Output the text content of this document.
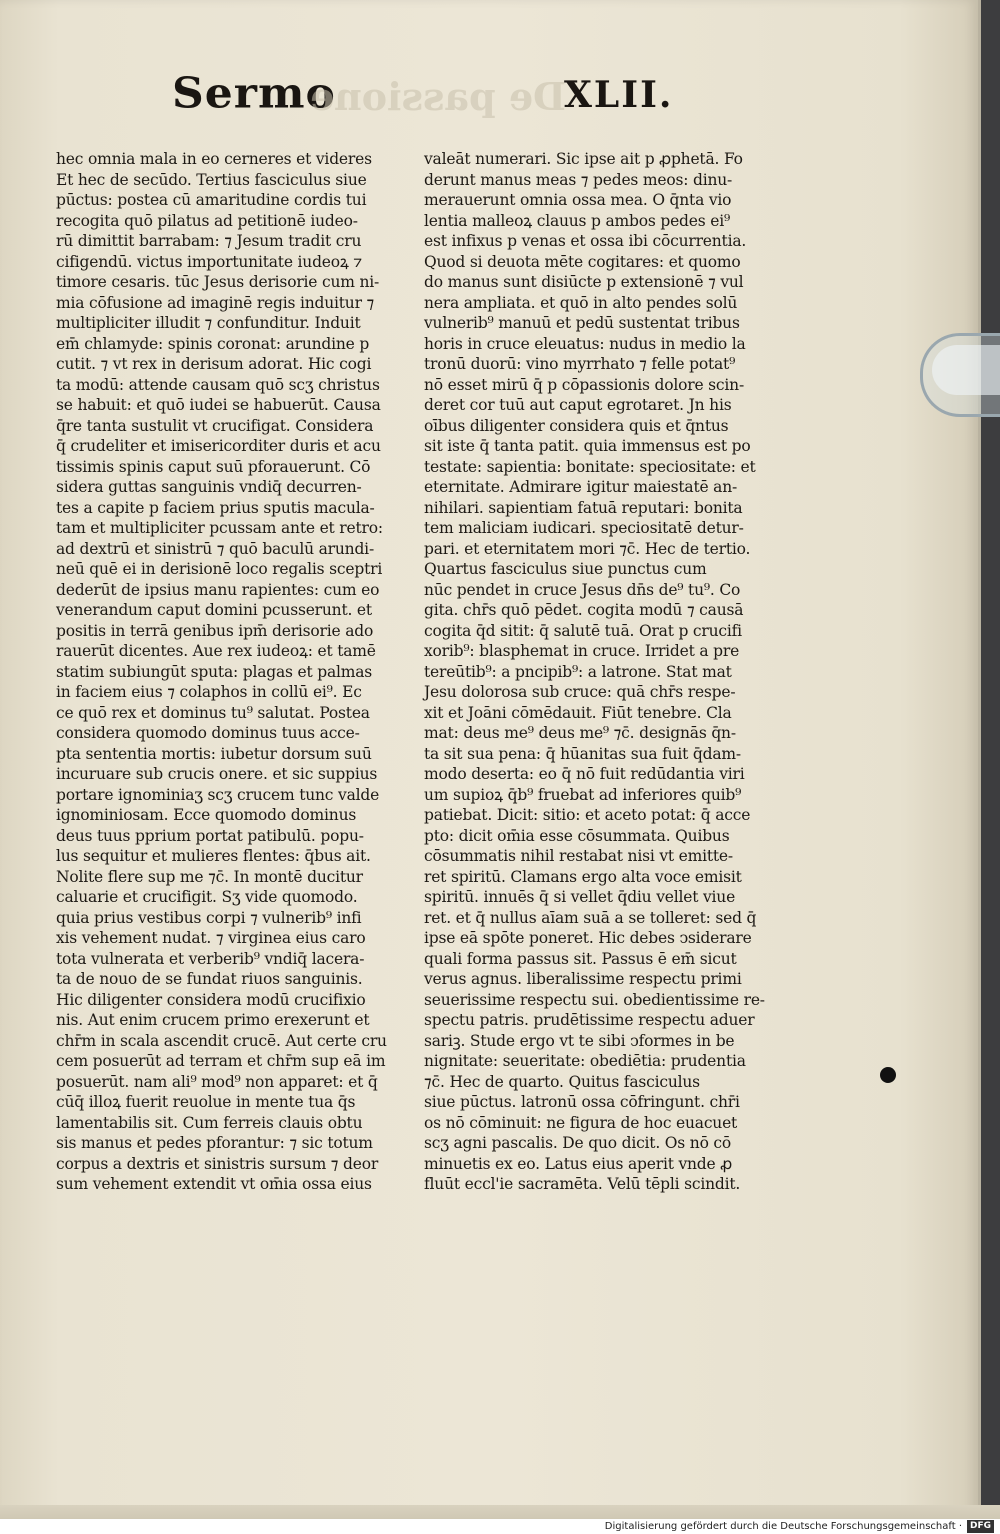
Sermo
De passione
XLII.
hec omnia mala in eo cerneres et videres
Et hec de secūdo. Tertius fasciculus siue
pūctus: postea cū amaritudine cordis tui
recogita quō pilatus ad petitionē iudeo-
rū dimittit barrabam: ⁊ Jesum tradit cru
cifigendū. victus importunitate iudeoꝝ ⁊
timore cesaris. tūc Jesus derisorie cum ni-
mia cōfusione ad imaginē regis induitur ⁊
multipliciter illudit ⁊ confunditur. Induit
em̄ chlamyde: spinis coronat: arundine p
cutit. ⁊ vt rex in derisum adorat. Hic cogi
ta modū: attende causam quō scʒ christus
se habuit: et quō iudei se habuerūt. Causa
q̄re tanta sustulit vt crucifigat. Considera
q̄ crudeliter et imisericorditer duris et acu
tissimis spinis caput suū pforauerunt. Cō
sidera guttas sanguinis vndiq̄ decurren-
tes a capite p faciem prius sputis macula-
tam et multipliciter pcussam ante et retro:
ad dextrū et sinistrū ⁊ quō baculū arundi-
neū quē ei in derisionē loco regalis sceptri
dederūt de ipsius manu rapientes: cum eo
venerandum caput domini pcusserunt. et
positis in terrā genibus ipm̄ derisorie ado
rauerūt dicentes. Aue rex iudeoꝝ: et tamē
statim subiungūt sputa: plagas et palmas
in faciem eius ⁊ colaphos in collū ei⁹. Ec
ce quō rex et dominus tu⁹ salutat. Postea
considera quomodo dominus tuus acce-
pta sententia mortis: iubetur dorsum suū
incuruare sub crucis onere. et sic suppius
portare ignominiaʒ scʒ crucem tunc valde
ignominiosam. Ecce quomodo dominus
deus tuus pprium portat patibulū. popu-
lus sequitur et mulieres flentes: q̄bus ait.
Nolite flere sup me ⁊c̄. In montē ducitur
caluarie et crucifigit. Sʒ vide quomodo.
quia prius vestibus corpi ⁊ vulnerib⁹ infi
xis vehement nudat. ⁊ virginea eius caro
tota vulnerata et verberib⁹ vndiq̄ lacera-
ta de nouo de se fundat riuos sanguinis.
Hic diligenter considera modū crucifixio
nis. Aut enim crucem primo erexerunt et
chr̄m in scala ascendit crucē. Aut certe cru
cem posuerūt ad terram et chr̄m sup eā im
posuerūt. nam ali⁹ mod⁹ non apparet: et q̄
cūq̄ illoꝝ fuerit reuolue in mente tua q̄s
lamentabilis sit. Cum ferreis clauis obtu
sis manus et pedes pforantur: ⁊ sic totum
corpus a dextris et sinistris sursum ⁊ deor
sum vehement extendit vt om̄ia ossa eius
valeāt numerari. Sic ipse ait p ꝓphetā. Fo
derunt manus meas ⁊ pedes meos: dinu-
merauerunt omnia ossa mea. O q̄nta vio
lentia malleoꝝ clauus p ambos pedes ei⁹
est infixus p venas et ossa ibi cōcurrentia.
Quod si deuota mēte cogitares: et quomo
do manus sunt disiūcte p extensionē ⁊ vul
nera ampliata. et quō in alto pendes solū
vulnerib⁹ manuū et pedū sustentat tribus
horis in cruce eleuatus: nudus in medio la
tronū duorū: vino myrrhato ⁊ felle potat⁹
nō esset mirū q̄ p cōpassionis dolore scin-
deret cor tuū aut caput egrotaret. Jn his
oībus diligenter considera quis et q̄ntus
sit iste q̄ tanta patit. quia immensus est po
testate: sapientia: bonitate: speciositate: et
eternitate. Admirare igitur maiestatē an-
nihilari. sapientiam fatuā reputari: bonita
tem maliciam iudicari. speciositatē detur-
pari. et eternitatem mori ⁊c̄. Hec de tertio.
Quartus fasciculus siue punctus cum
nūc pendet in cruce Jesus dn̄s de⁹ tu⁹. Co
gita. chr̄s quō pēdet. cogita modū ⁊ causā
cogita q̄d sitit: q̄ salutē tuā. Orat p crucifi
xorib⁹: blasphemat in cruce. Irridet a pre
tereūtib⁹: a pncipib⁹: a latrone. Stat mat
Jesu dolorosa sub cruce: quā chr̄s respe-
xit et Joāni cōmēdauit. Fiūt tenebre. Cla
mat: deus me⁹ deus me⁹ ⁊c̄. designās q̄n-
ta sit sua pena: q̄ hūanitas sua fuit q̄dam-
modo deserta: eo q̄ nō fuit redūdantia viri
um supioꝝ q̄b⁹ fruebat ad inferiores quib⁹
patiebat. Dicit: sitio: et aceto potat: q̄ acce
pto: dicit om̄ia esse cōsummata. Quibus
cōsummatis nihil restabat nisi vt emitte-
ret spiritū. Clamans ergo alta voce emisit
spiritū. innuēs q̄ si vellet q̄diu vellet viue
ret. et q̄ nullus aīam suā a se tolleret: sed q̄
ipse eā spōte poneret. Hic debes ↄsiderare
quali forma passus sit. Passus ē em̄ sicut
verus agnus. liberalissime respectu primi
seuerissime respectu sui. obedientissime re-
spectu patris. prudētissime respectu aduer
sariꝫ. Stude ergo vt te sibi ↄformes in be
nignitate: seueritate: obediētia: prudentia
⁊c̄. Hec de quarto. Quitus fasciculus
siue pūctus. latronū ossa cōfringunt. chr̄i
os nō cōminuit: ne figura de hoc euacuet
scʒ agni pascalis. De quo dicit. Os nō cō
minuetis ex eo. Latus eius aperit vnde ꝓ
fluūt eccl'ie sacramēta. Velū tēpli scindit.
Digitalisierung gefördert durch die Deutsche Forschungsgemeinschaft · DFG
